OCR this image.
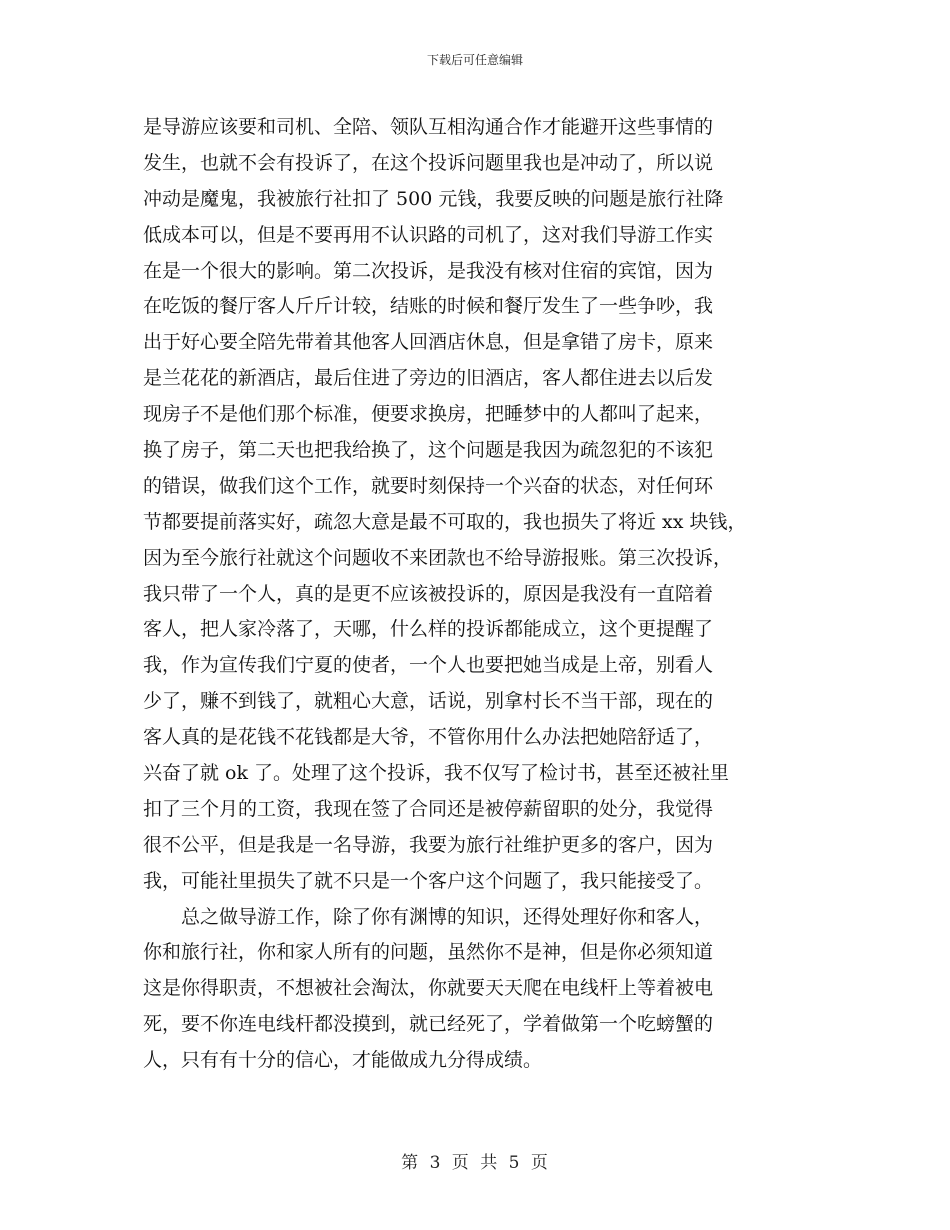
下载后可任意编辑
是导游应该要和司机、全陪、领队互相沟通合作才能避开这些事情的
发生，也就不会有投诉了，在这个投诉问题里我也是冲动了，所以说
冲动是魔鬼，我被旅行社扣了 500 元钱，我要反映的问题是旅行社降
低成本可以，但是不要再用不认识路的司机了，这对我们导游工作实
在是一个很大的影响。第二次投诉，是我没有核对住宿的宾馆，因为
在吃饭的餐厅客人斤斤计较，结账的时候和餐厅发生了一些争吵，我
出于好心要全陪先带着其他客人回酒店休息，但是拿错了房卡，原来
是兰花花的新酒店，最后住进了旁边的旧酒店，客人都住进去以后发
现房子不是他们那个标准，便要求换房，把睡梦中的人都叫了起来，
换了房子，第二天也把我给换了，这个问题是我因为疏忽犯的不该犯
的错误，做我们这个工作，就要时刻保持一个兴奋的状态，对任何环
节都要提前落实好，疏忽大意是最不可取的，我也损失了将近 xx 块钱，
因为至今旅行社就这个问题收不来团款也不给导游报账。第三次投诉，
我只带了一个人，真的是更不应该被投诉的，原因是我没有一直陪着
客人，把人家冷落了，天哪，什么样的投诉都能成立，这个更提醒了
我，作为宣传我们宁夏的使者，一个人也要把她当成是上帝，别看人
少了，赚不到钱了，就粗心大意，话说，别拿村长不当干部，现在的
客人真的是花钱不花钱都是大爷，不管你用什么办法把她陪舒适了，
兴奋了就 ok 了。处理了这个投诉，我不仅写了检讨书，甚至还被社里
扣了三个月的工资，我现在签了合同还是被停薪留职的处分，我觉得
很不公平，但是我是一名导游，我要为旅行社维护更多的客户，因为
我，可能社里损失了就不只是一个客户这个问题了，我只能接受了。
总之做导游工作，除了你有渊博的知识，还得处理好你和客人，
你和旅行社，你和家人所有的问题，虽然你不是神，但是你必须知道
这是你得职责，不想被社会淘汰，你就要天天爬在电线杆上等着被电
死，要不你连电线杆都没摸到，就已经死了，学着做第一个吃螃蟹的
人，只有有十分的信心，才能做成九分得成绩。
第 3 页 共 5 页
